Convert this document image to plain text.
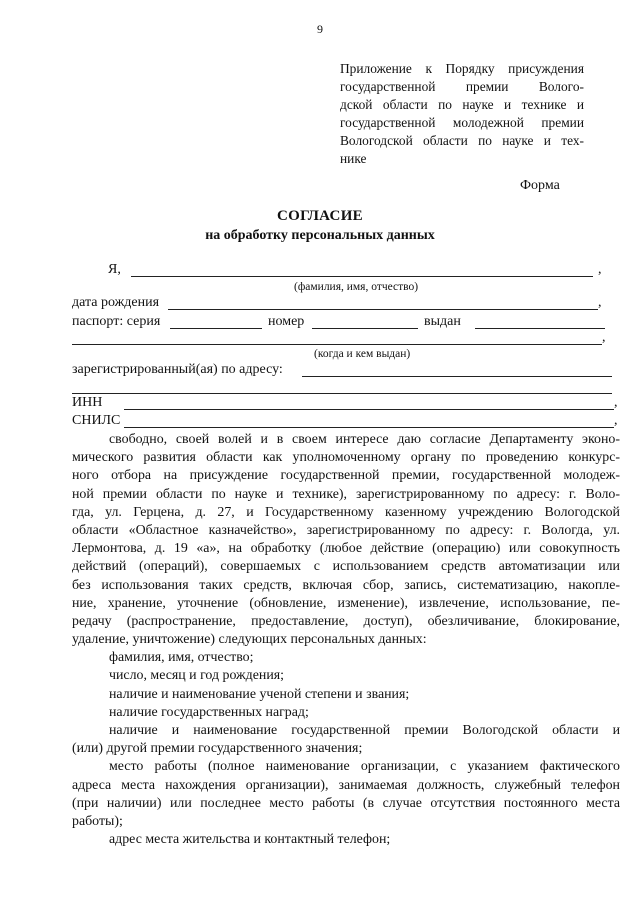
9
Приложение к Порядку присуждения
государственной премии Волого-
дской области по науке и технике и
государственной молодежной премии
Вологодской области по науке и тех-
нике
Форма
СОГЛАСИЕ
на обработку персональных данных
Я,	,
(фамилия, имя, отчество)
дата рождения	,
паспорт: серия	номер	выдан
,
(когда и кем выдан)
зарегистрированный(ая) по адресу:
ИНН	,
СНИЛС	,
свободно, своей волей и в своем интересе даю согласие Департаменту эконо-
мического развития области как уполномоченному органу по проведению конкурс-
ного отбора на присуждение государственной премии, государственной молодеж-
ной премии области по науке и технике), зарегистрированному по адресу: г. Воло-
гда, ул. Герцена, д. 27, и Государственному казенному учреждению Вологодской
области «Областное казначейство», зарегистрированному по адресу: г. Вологда, ул.
Лермонтова, д. 19 «а», на обработку (любое действие (операцию) или совокупность
действий (операций), совершаемых с использованием средств автоматизации или
без использования таких средств, включая сбор, запись, систематизацию, накопле-
ние, хранение, уточнение (обновление, изменение), извлечение, использование, пе-
редачу (распространение, предоставление, доступ), обезличивание, блокирование,
удаление, уничтожение) следующих персональных данных:
фамилия, имя, отчество;
число, месяц и год рождения;
наличие и наименование ученой степени и звания;
наличие государственных наград;
наличие и наименование государственной премии Вологодской области и
(или) другой премии государственного значения;
место работы (полное наименование организации, с указанием фактического
адреса места нахождения организации), занимаемая должность, служебный телефон
(при наличии) или последнее место работы (в случае отсутствия постоянного места
работы);
адрес места жительства и контактный телефон;
